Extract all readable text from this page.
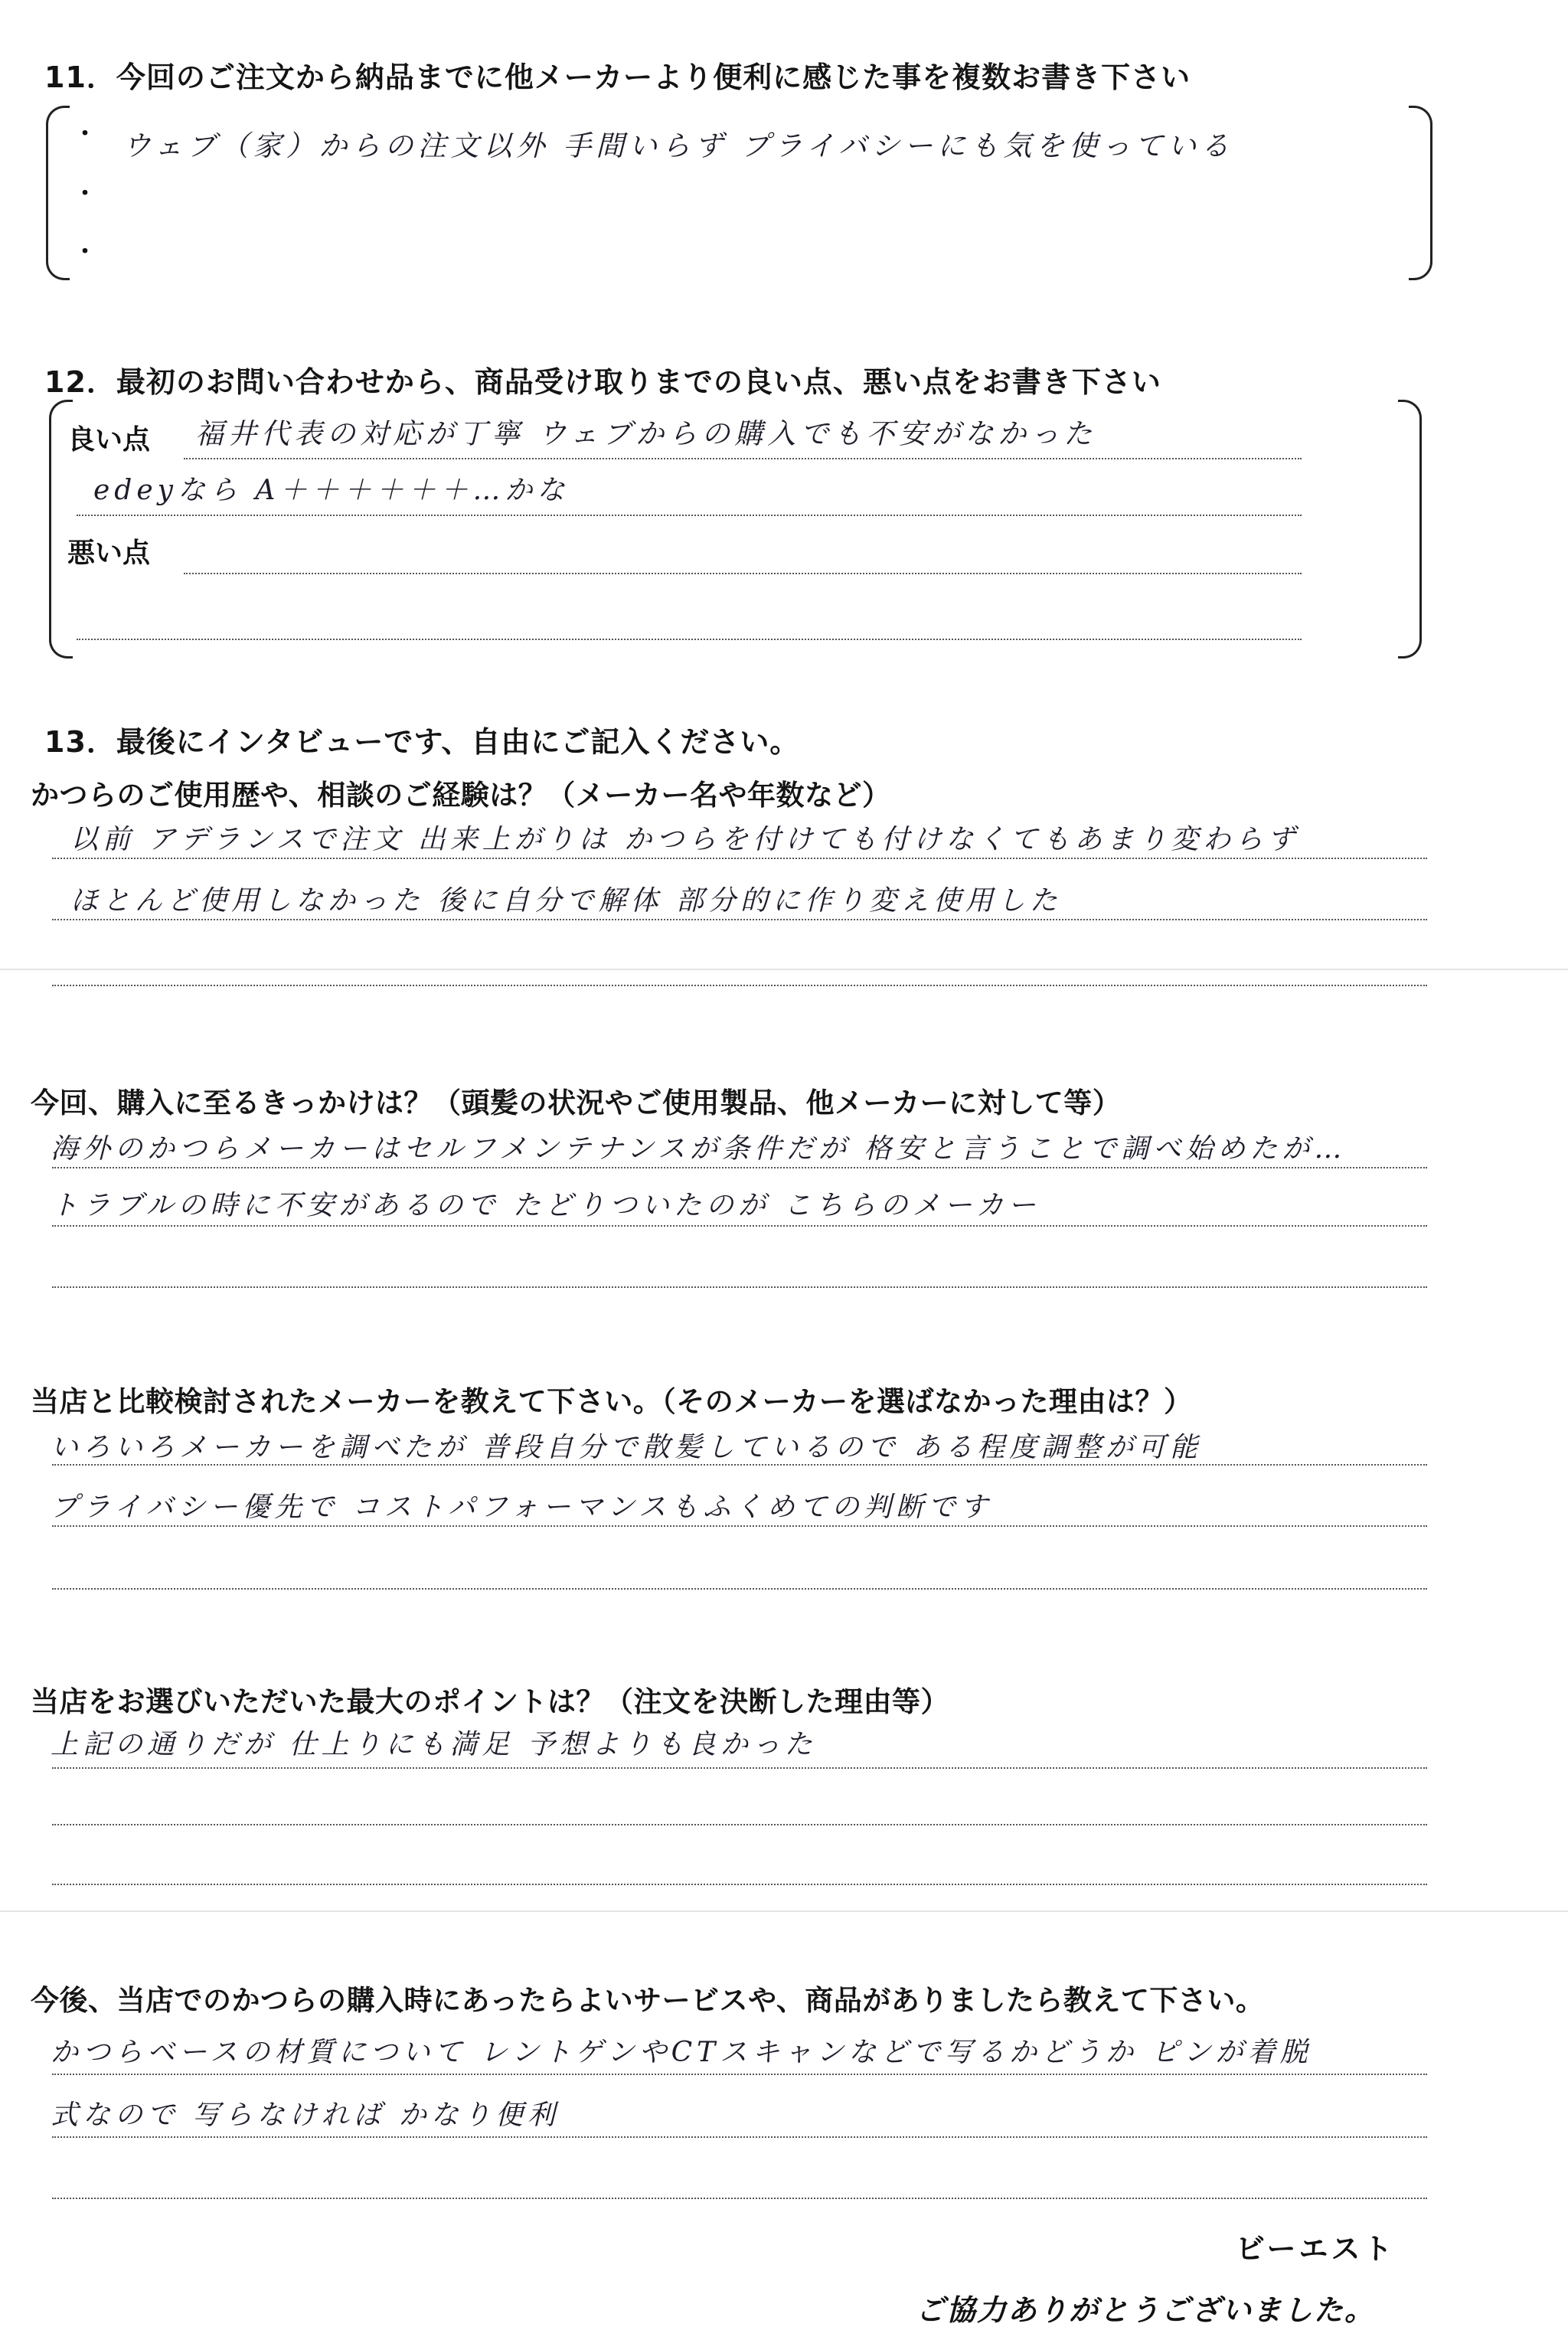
11．今回のご注文から納品までに他メーカーより便利に感じた事を複数お書き下さい
・
・
・
ウェブ（家）からの注文以外 手間いらず プライバシーにも気を使っている
12．最初のお問い合わせから、商品受け取りまでの良い点、悪い点をお書き下さい
良い点 福井代表の対応が丁寧 ウェブからの購入でも不安がなかった
edeyなら A＋＋＋＋＋＋…かな
悪い点
13．最後にインタビューです、自由にご記入ください。
かつらのご使用歴や、相談のご経験は？（メーカー名や年数など）
以前 アデランスで注文 出来上がりは かつらを付けても付けなくてもあまり変わらず
ほとんど使用しなかった 後に自分で解体 部分的に作り変え使用した
今回、購入に至るきっかけは？（頭髪の状況やご使用製品、他メーカーに対して等）
海外のかつらメーカーはセルフメンテナンスが条件だが 格安と言うことで調べ始めたが…
トラブルの時に不安があるので たどりついたのが こちらのメーカー
当店と比較検討されたメーカーを教えて下さい。（そのメーカーを選ばなかった理由は？）
いろいろメーカーを調べたが 普段自分で散髪しているので ある程度調整が可能
プライバシー優先で コストパフォーマンスもふくめての判断です
当店をお選びいただいた最大のポイントは？（注文を決断した理由等）
上記の通りだが 仕上りにも満足 予想よりも良かった
今後、当店でのかつらの購入時にあったらよいサービスや、商品がありましたら教えて下さい。
かつらベースの材質について レントゲンやCTスキャンなどで写るかどうか ピンが着脱
式なので 写らなければ かなり便利
ビーエスト
ご協力ありがとうございました。
